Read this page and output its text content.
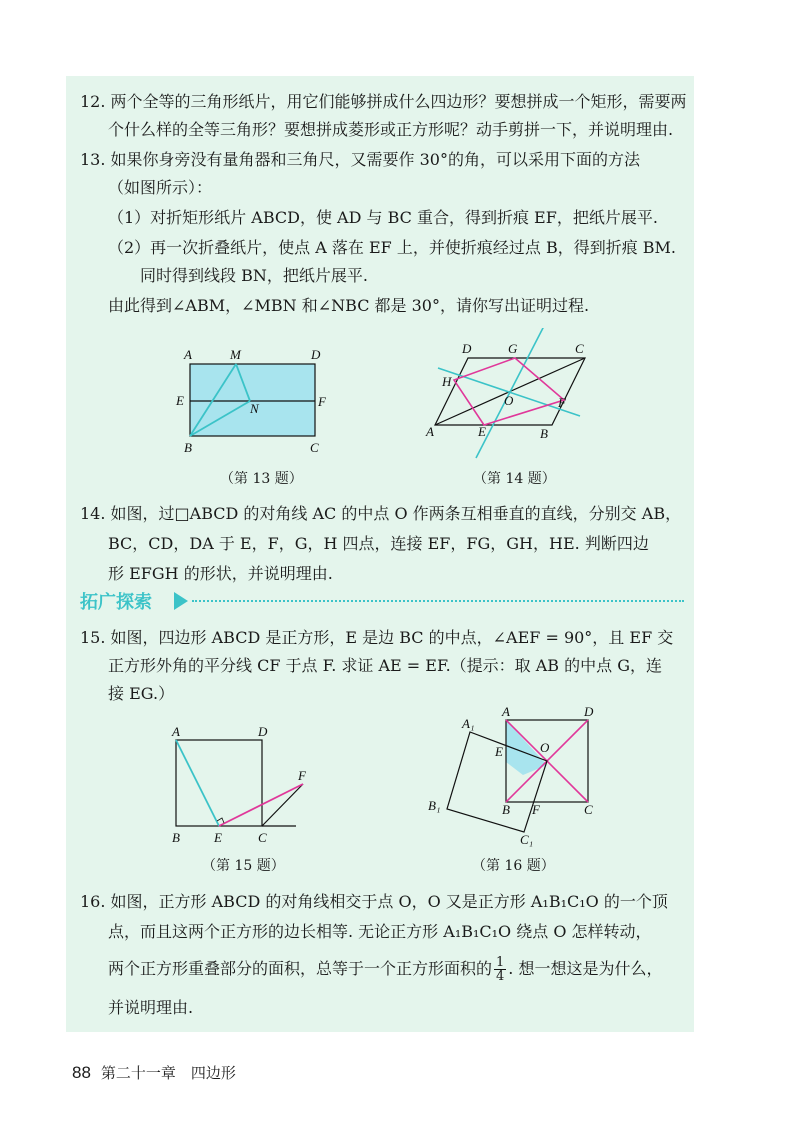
12. 两个全等的三角形纸片，用它们能够拼成什么四边形？要想拼成一个矩形，需要两
个什么样的全等三角形？要想拼成菱形或正方形呢？动手剪拼一下，并说明理由.
13. 如果你身旁没有量角器和三角尺，又需要作 30°的角，可以采用下面的方法
（如图所示）：
（1）对折矩形纸片 ABCD，使 AD 与 BC 重合，得到折痕 EF，把纸片展平.
（2）再一次折叠纸片，使点 A 落在 EF 上，并使折痕经过点 B，得到折痕 BM.
同时得到线段 BN，把纸片展平.
由此得到∠ABM，∠MBN 和∠NBC 都是 30°，请你写出证明过程.
A	M	D
E
N	F
B	C
（第 13 题）
D	G	C
H
O	F
A	E	B
（第 14 题）
14. 如图，过□ABCD 的对角线 AC 的中点 O 作两条互相垂直的直线，分别交 AB，
BC，CD，DA 于 E，F，G，H 四点，连接 EF，FG，GH，HE. 判断四边
形 EFGH 的形状，并说明理由.
拓广探索
15. 如图，四边形 ABCD 是正方形，E 是边 BC 的中点，∠AEF = 90°，且 EF 交
正方形外角的平分线 CF 于点 F. 求证 AE = EF.（提示：取 AB 的中点 G，连
接 EG.）
A	D
F
B	E	C
（第 15 题）
A₁
A	D
E	O
B₁	B F	C
C₁
（第 16 题）
16. 如图，正方形 ABCD 的对角线相交于点 O，O 又是正方形 A₁B₁C₁O 的一个顶
点，而且这两个正方形的边长相等. 无论正方形 A₁B₁C₁O 绕点 O 怎样转动，
两个正方形重叠部分的面积，总等于一个正方形面积的 $\frac{1}{4}$ . 想一想这是为什么，
并说明理由.
88 第二十一章　四边形
